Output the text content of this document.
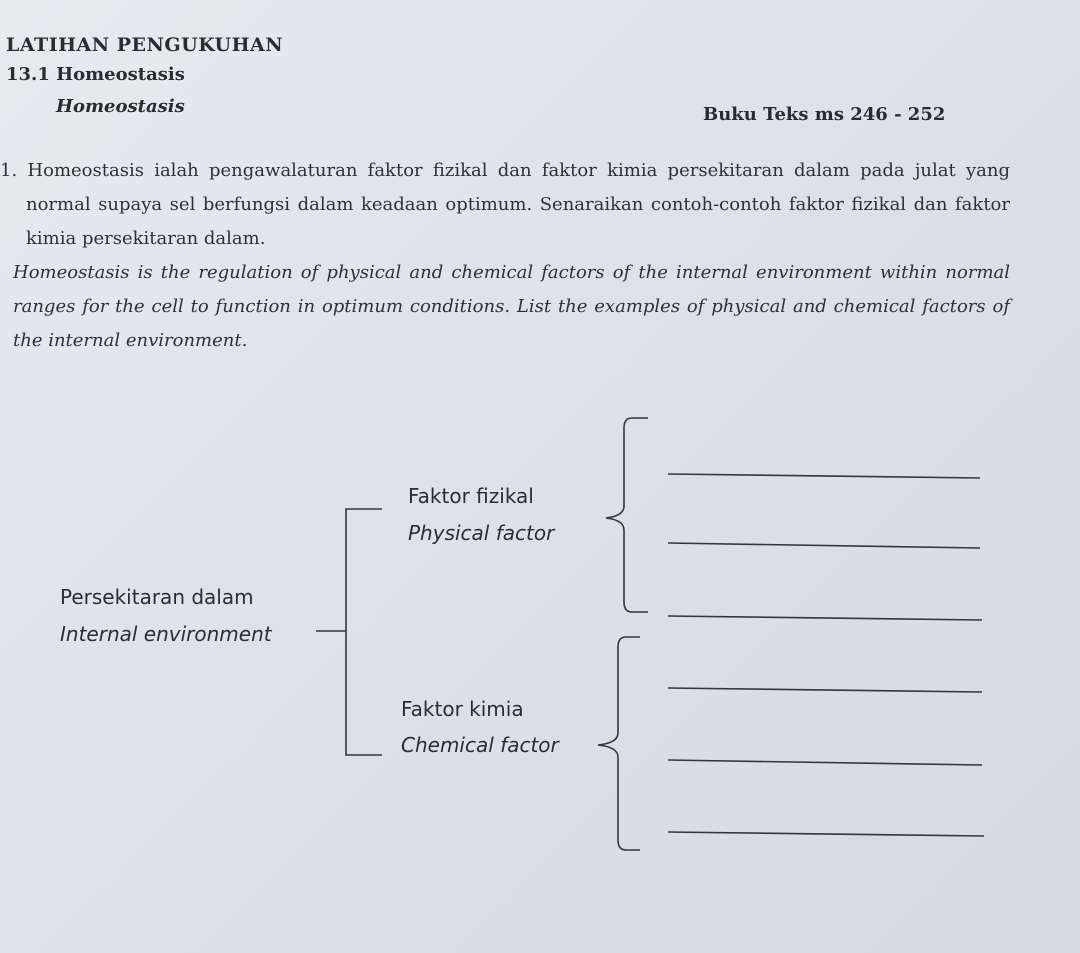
LATIHAN PENGUKUHAN
13.1 Homeostasis
Homeostasis	Buku Teks ms 246 - 252
1. Homeostasis ialah pengawalaturan faktor fizikal dan faktor kimia persekitaran dalam pada julat yang normal supaya sel berfungsi dalam keadaan optimum. Senaraikan contoh-contoh faktor fizikal dan faktor kimia persekitaran dalam.
Homeostasis is the regulation of physical and chemical factors of the internal environment within normal ranges for the cell to function in optimum conditions. List the examples of physical and chemical factors of the internal environment.
Persekitaran dalam
Internal environment
Faktor fizikal
Physical factor
Faktor kimia
Chemical factor
